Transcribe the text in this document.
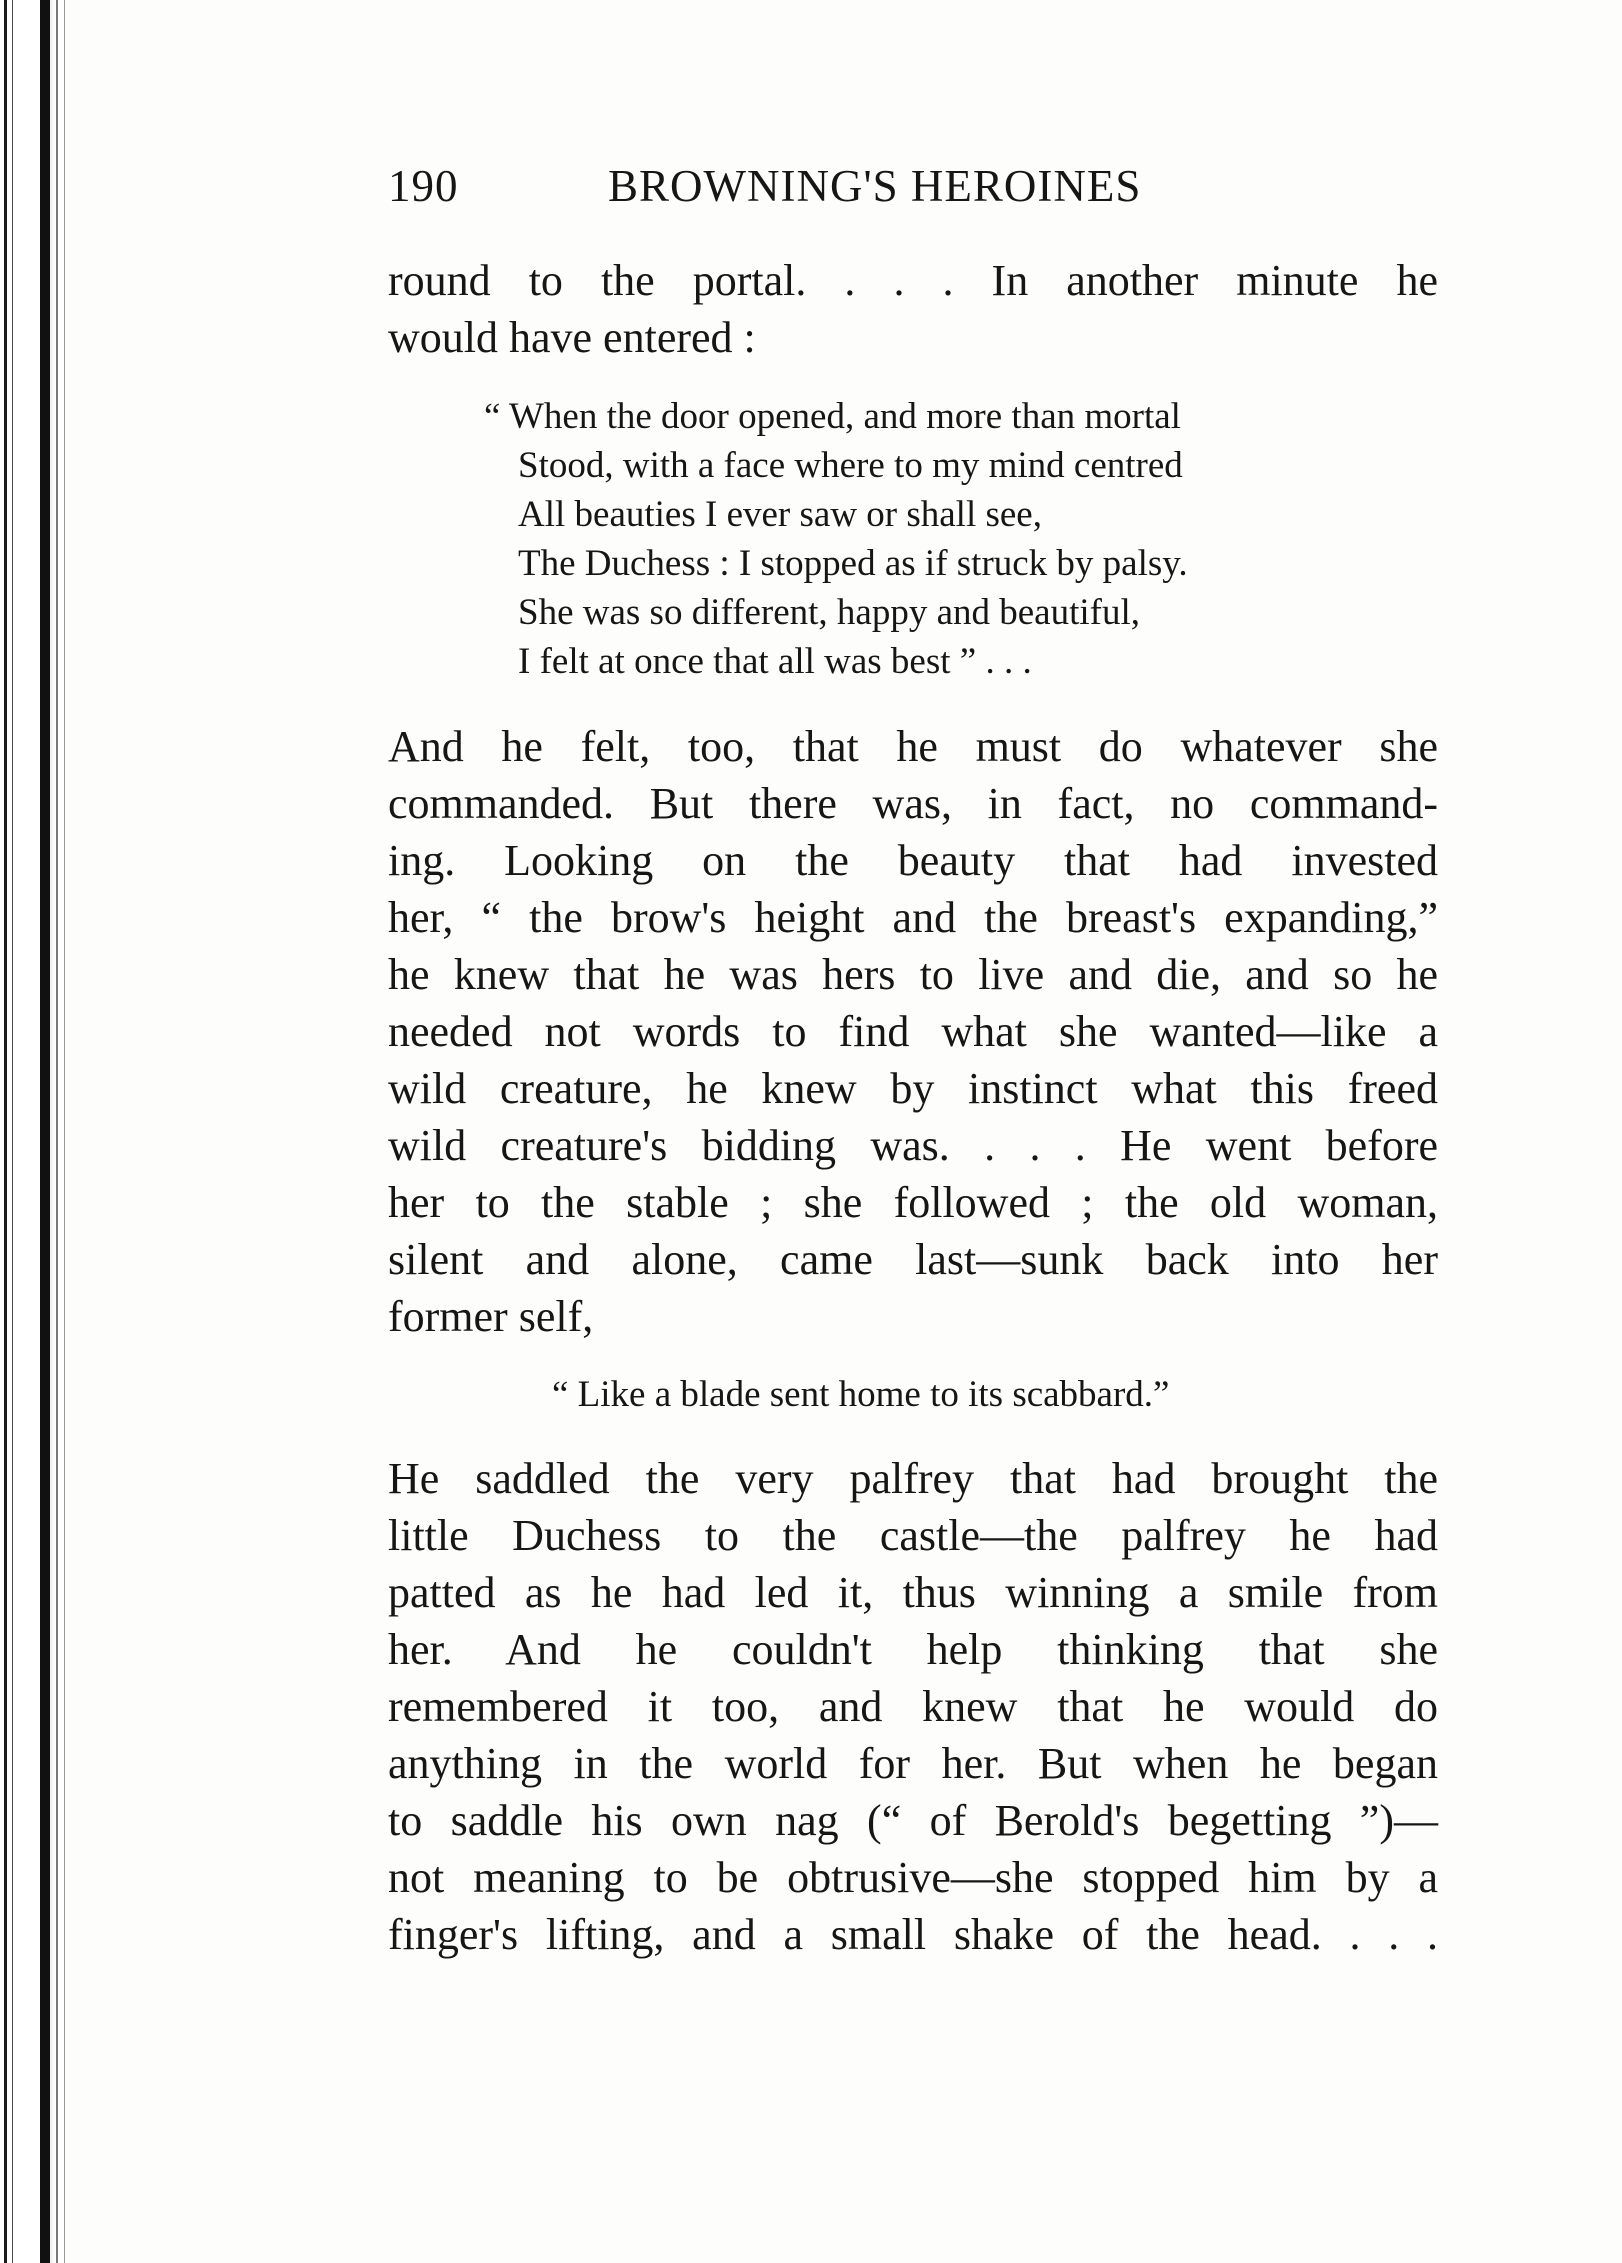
190	BROWNING'S HEROINES
round to the portal. . . . In another minute he
would have entered :
“ When the door opened, and more than mortal
Stood, with a face where to my mind centred
All beauties I ever saw or shall see,
The Duchess : I stopped as if struck by palsy.
She was so different, happy and beautiful,
I felt at once that all was best ” . . .
And he felt, too, that he must do whatever she
commanded. But there was, in fact, no command-
ing. Looking on the beauty that had invested
her, “ the brow's height and the breast's expanding,”
he knew that he was hers to live and die, and so he
needed not words to find what she wanted—like a
wild creature, he knew by instinct what this freed
wild creature's bidding was. . . . He went before
her to the stable ; she followed ; the old woman,
silent and alone, came last—sunk back into her
former self,
“ Like a blade sent home to its scabbard.”
He saddled the very palfrey that had brought the
little Duchess to the castle—the palfrey he had
patted as he had led it, thus winning a smile from
her. And he couldn't help thinking that she
remembered it too, and knew that he would do
anything in the world for her. But when he began
to saddle his own nag (“ of Berold's begetting ”)—
not meaning to be obtrusive—she stopped him by a
finger's lifting, and a small shake of the head. . . .
